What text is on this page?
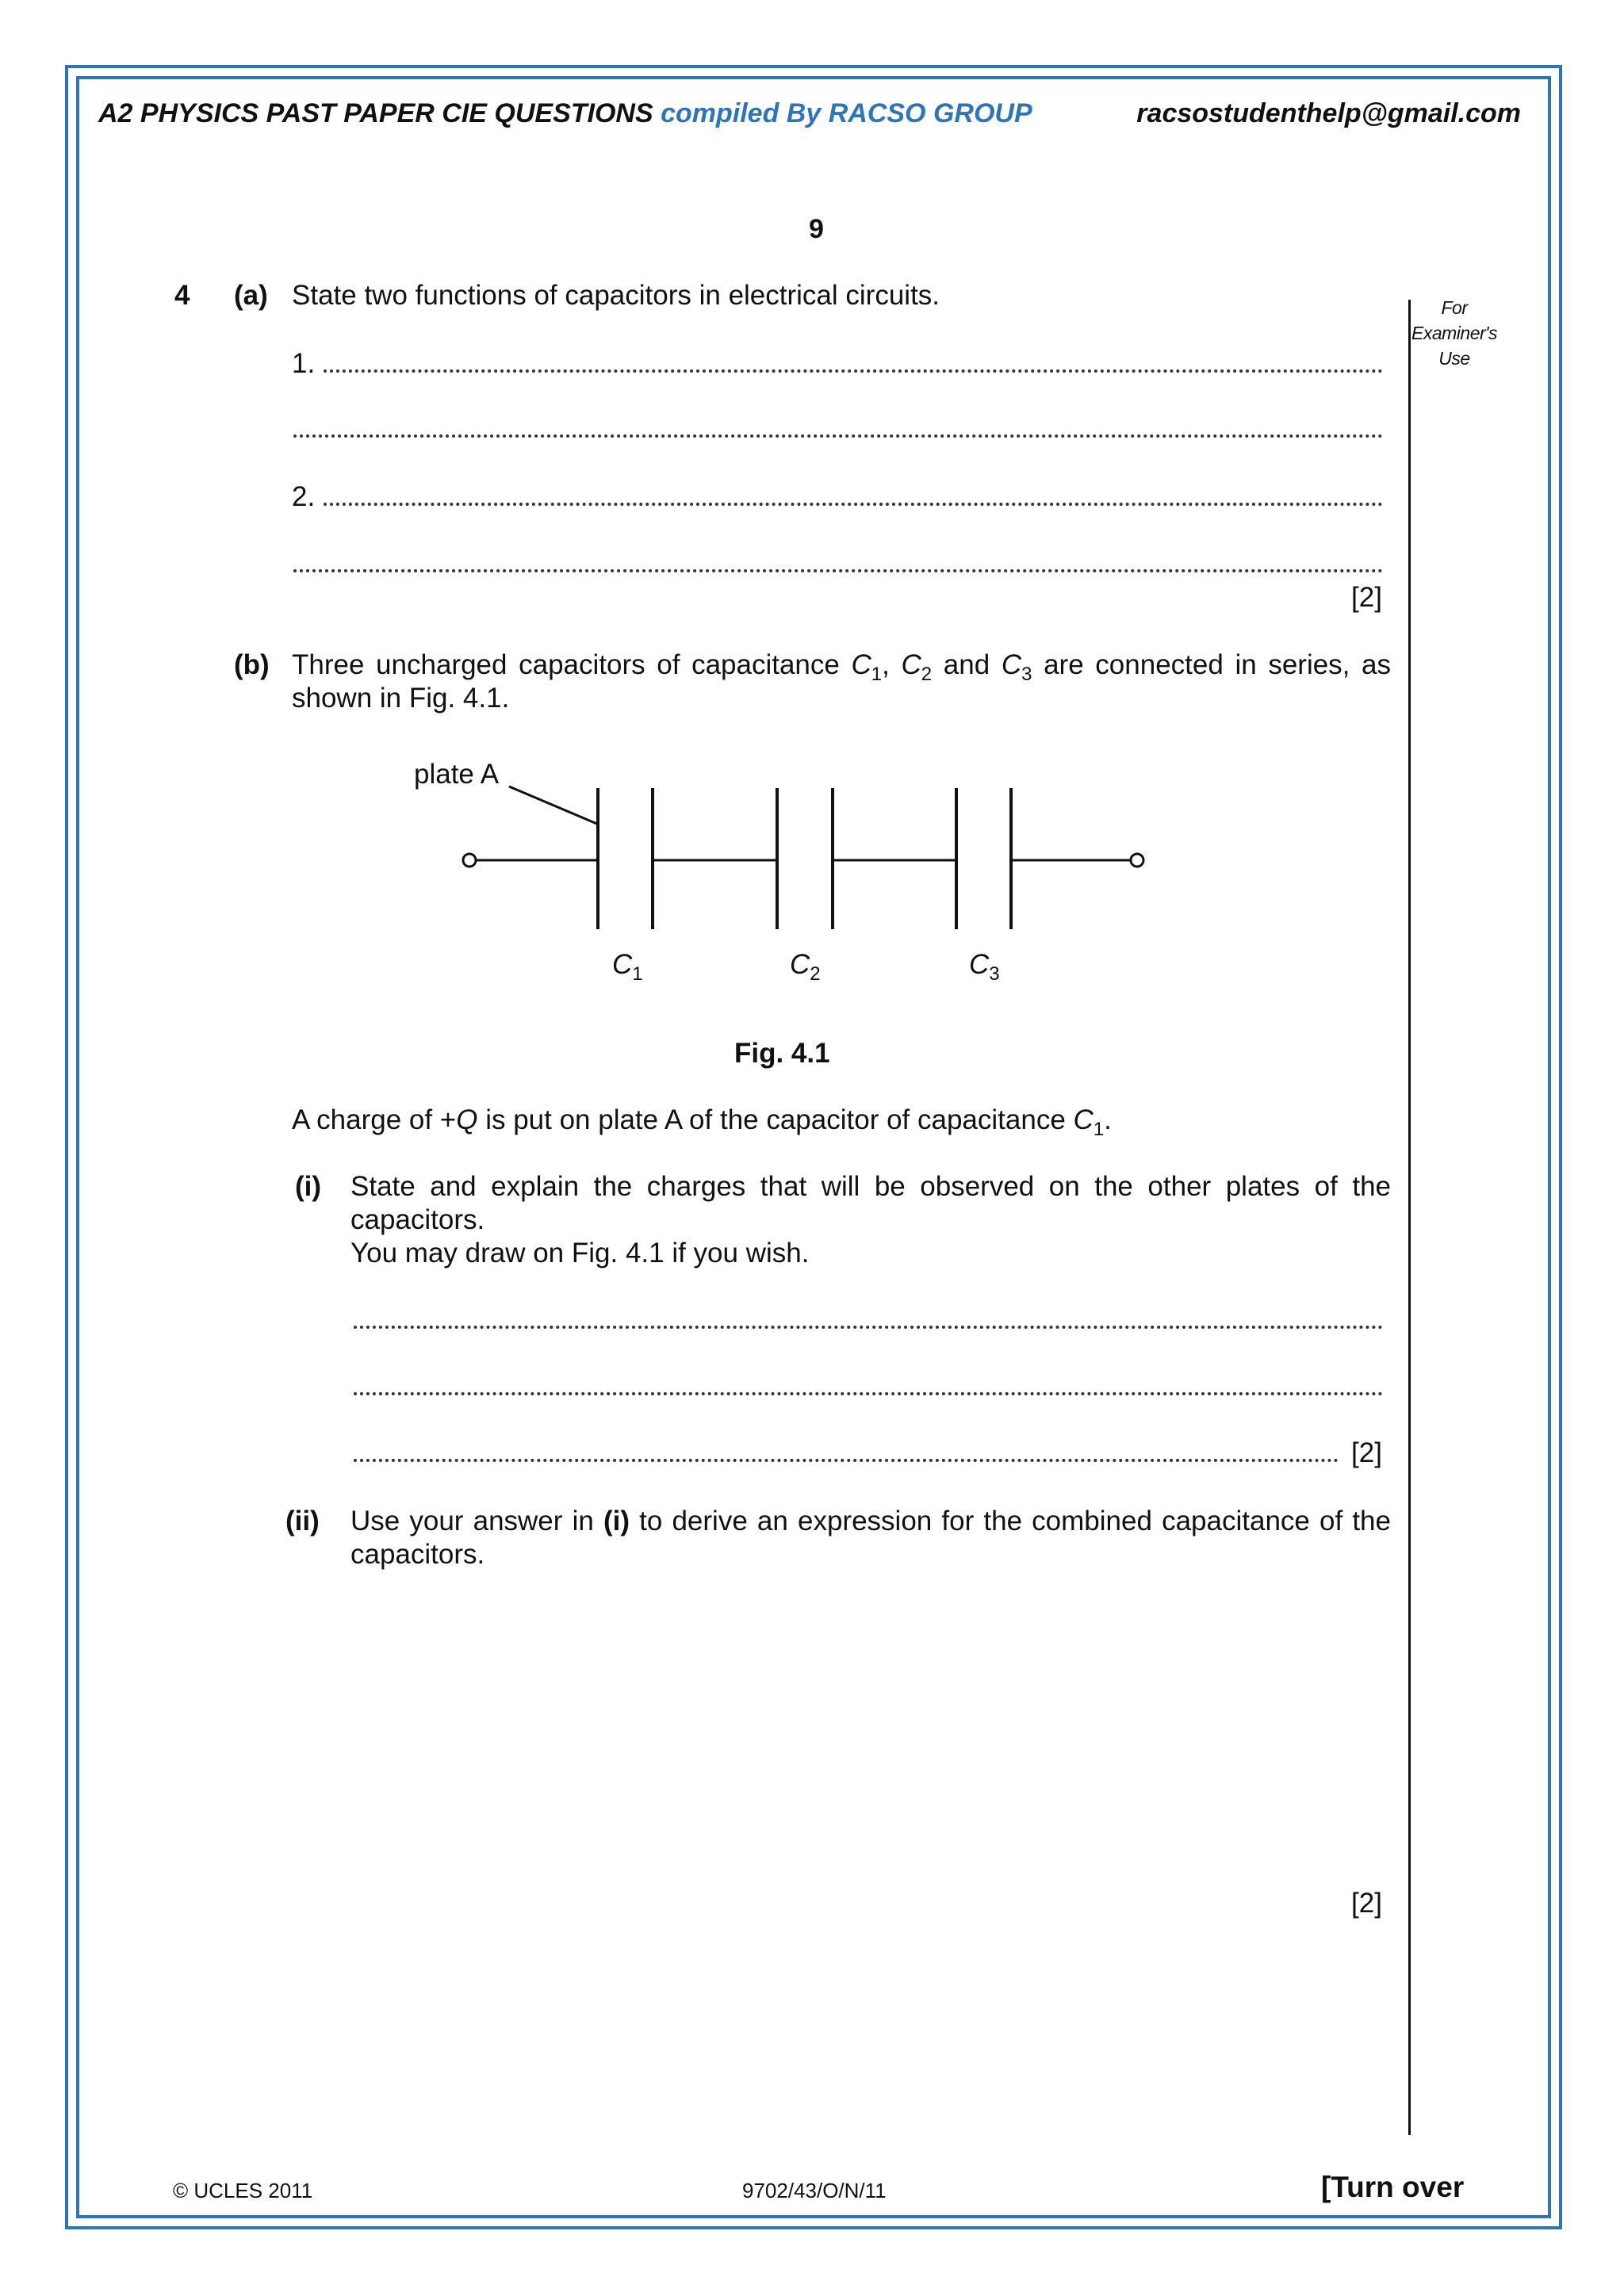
A2 PHYSICS PAST PAPER CIE QUESTIONS compiled By RACSO GROUP	racsostudenthelp@gmail.com
9
For
Examiner's
Use
4 (a) State two functions of capacitors in electrical circuits.
1.
2.
[2]
(b) Three uncharged capacitors of capacitance $C_1$, $C_2$ and $C_3$ are connected in series, as shown in Fig. 4.1.
plate A
$C_1$	$C_2$	$C_3$
Fig. 4.1
A charge of +Q is put on plate A of the capacitor of capacitance $C_1$.
(i) State and explain the charges that will be observed on the other plates of the capacitors.
You may draw on Fig. 4.1 if you wish.
[2]
(ii) Use your answer in (i) to derive an expression for the combined capacitance of the capacitors.
[2]
© UCLES 2011	9702/43/O/N/11	[Turn over
